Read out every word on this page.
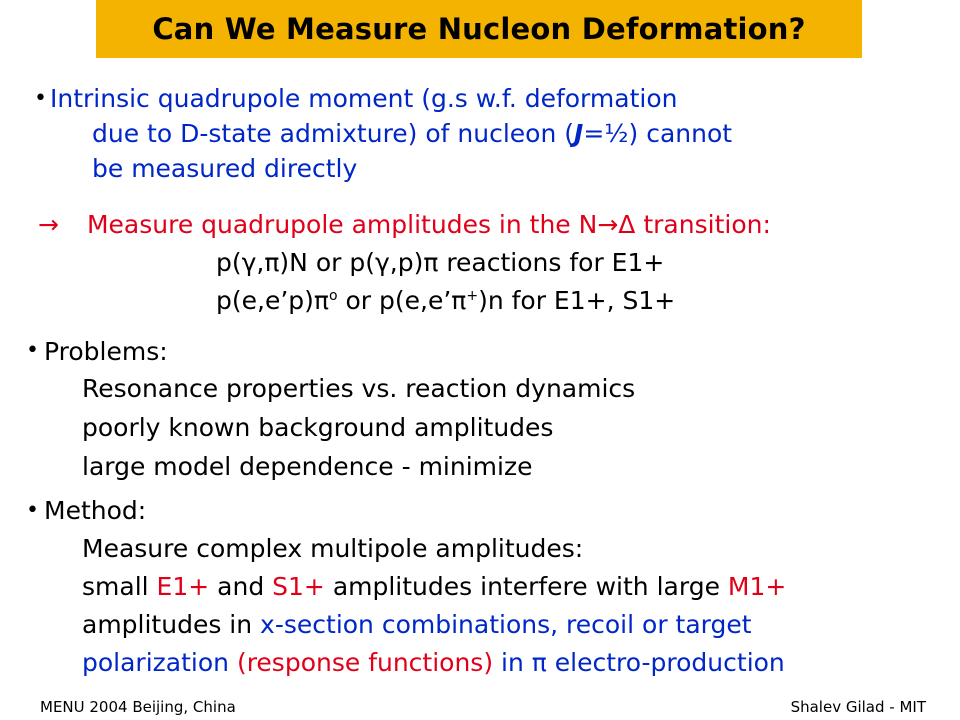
Can We Measure Nucleon Deformation?
• Intrinsic quadrupole moment (g.s w.f. deformation
due to D-state admixture) of nucleon (J=½) cannot
be measured directly
→ Measure quadrupole amplitudes in the N→Δ transition:
p(γ,π)N or p(γ,p)π reactions for E1+
$p(e,e’p)\pi^o$ or p(e,e’π+)n for E1+, S1+
• Problems:
Resonance properties vs. reaction dynamics
poorly known background amplitudes
large model dependence - minimize
• Method:
Measure complex multipole amplitudes:
small E1+ and S1+ amplitudes interfere with large M1+
amplitudes in x-section combinations, recoil or target
polarization (response functions) in π electro-production
MENU 2004 Beijing, China	Shalev Gilad - MIT
